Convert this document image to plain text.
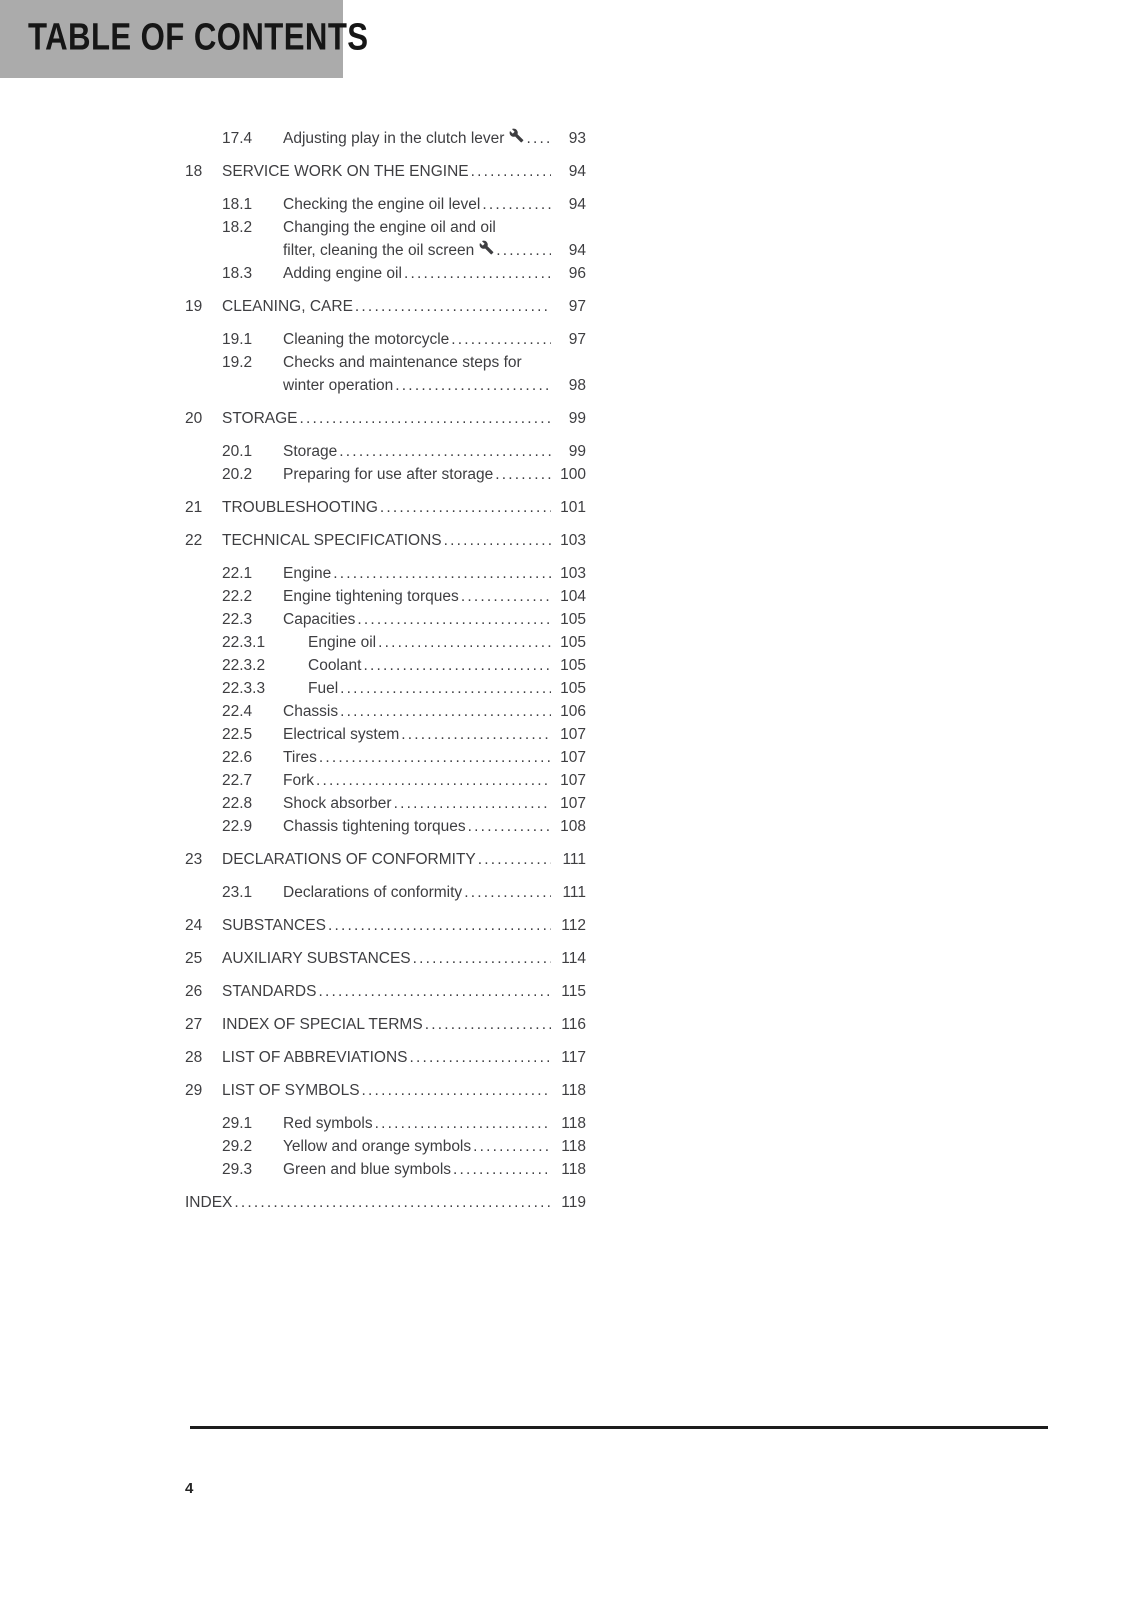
TABLE OF CONTENTS
17.4	Adjusting play in the clutch lever .....	93
18	SERVICE WORK ON THE ENGINE .....	94
18.1	Checking the engine oil level .....	94
18.2	Changing the engine oil and oil
filter, cleaning the oil screen .....	94
18.3	Adding engine oil .....	96
19	CLEANING, CARE .....	97
19.1	Cleaning the motorcycle .....	97
19.2	Checks and maintenance steps for
winter operation .....	98
20	STORAGE .....	99
20.1	Storage .....	99
20.2	Preparing for use after storage .....	100
21	TROUBLESHOOTING .....	101
22	TECHNICAL SPECIFICATIONS .....	103
22.1	Engine .....	103
22.2	Engine tightening torques .....	104
22.3	Capacities .....	105
22.3.1	Engine oil .....	105
22.3.2	Coolant .....	105
22.3.3	Fuel .....	105
22.4	Chassis .....	106
22.5	Electrical system .....	107
22.6	Tires .....	107
22.7	Fork .....	107
22.8	Shock absorber .....	107
22.9	Chassis tightening torques .....	108
23	DECLARATIONS OF CONFORMITY .....	111
23.1	Declarations of conformity .....	111
24	SUBSTANCES .....	112
25	AUXILIARY SUBSTANCES .....	114
26	STANDARDS .....	115
27	INDEX OF SPECIAL TERMS .....	116
28	LIST OF ABBREVIATIONS .....	117
29	LIST OF SYMBOLS .....	118
29.1	Red symbols .....	118
29.2	Yellow and orange symbols .....	118
29.3	Green and blue symbols .....	118
INDEX .....	119
4
